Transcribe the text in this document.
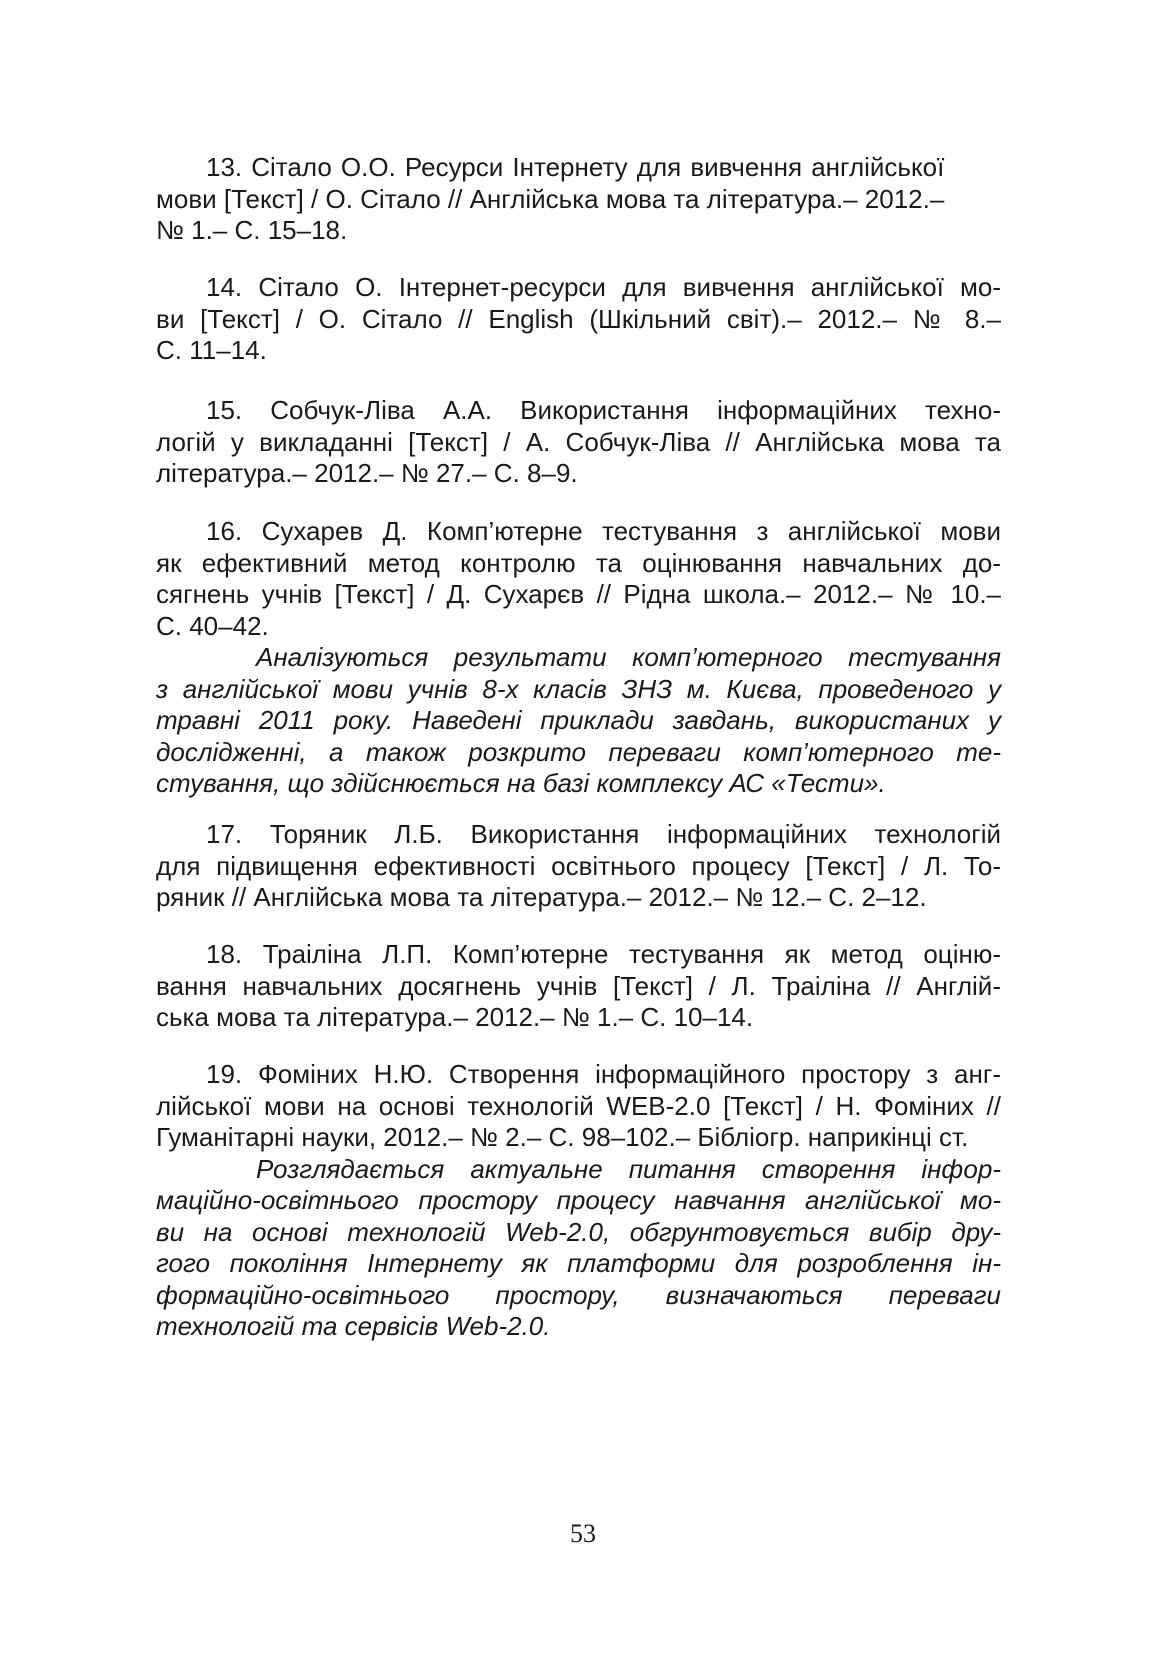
13. Сітало О.О. Ресурси Інтернету для вивчення англійської
мови [Текст] / О. Сітало // Англійська мова та література.– 2012.–
№ 1.– С. 15–18.

14. Сітало О. Інтернет-ресурси для вивчення англійської мо-
ви [Текст] / О. Сітало // English (Шкільний світ).– 2012.– № 8.–
С. 11–14.

15. Собчук-Ліва А.А. Використання інформаційних техно-
логій у викладанні [Текст] / А. Собчук-Ліва // Англійська мова та
література.– 2012.– № 27.– С. 8–9.

16. Сухарев Д. Комп’ютерне тестування з англійської мови
як ефективний метод контролю та оцінювання навчальних до-
сягнень учнів [Текст] / Д. Сухарєв // Рідна школа.– 2012.– № 10.–
С. 40–42.

Аналізуються результати комп’ютерного тестування
з англійської мови учнів 8-х класів ЗНЗ м. Києва, проведеного у
травні 2011 року. Наведені приклади завдань, використаних у
дослідженні, а також розкрито переваги комп’ютерного те-
стування, що здійснюється на базі комплексу АС «Тести».

17. Торяник Л.Б. Використання інформаційних технологій
для підвищення ефективності освітнього процесу [Текст] / Л. То-
ряник // Англійська мова та література.– 2012.– № 12.– С. 2–12.

18. Траіліна Л.П. Комп’ютерне тестування як метод оціню-
вання навчальних досягнень учнів [Текст] / Л. Траіліна // Англій-
ська мова та література.– 2012.– № 1.– С. 10–14.

19. Фоміних Н.Ю. Створення інформаційного простору з анг-
лійської мови на основі технологій WEB-2.0 [Текст] / Н. Фоміних //
Гуманітарні науки, 2012.– № 2.– С. 98–102.– Бібліогр. наприкінці ст.

Розглядається актуальне питання створення інфор-
маційно-освітнього простору процесу навчання англійської мо-
ви на основі технологій Web-2.0, обгрунтовується вибір дру-
гого покоління Інтернету як платформи для розроблення ін-
формаційно-освітнього простору, визначаються переваги
технологій та сервісів Web-2.0.

53
